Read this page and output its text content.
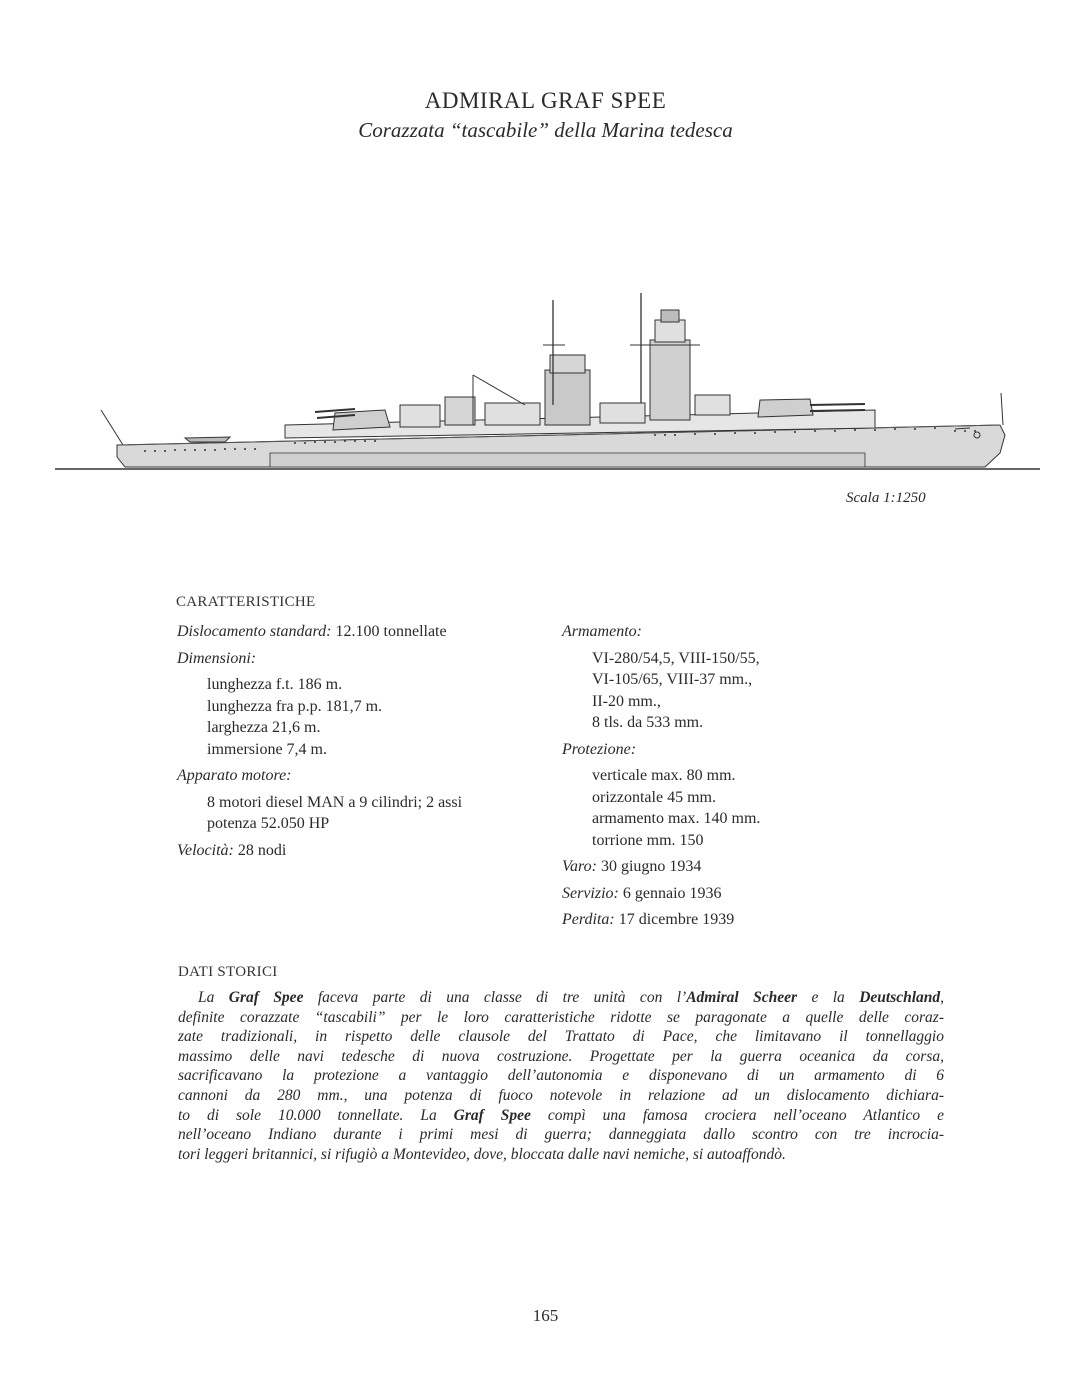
ADMIRAL GRAF SPEE
Corazzata “tascabile” della Marina tedesca
Scala 1:1250
CARATTERISTICHE
Dislocamento standard: 12.100 tonnellate
Dimensioni:
lunghezza f.t. 186 m.
lunghezza fra p.p. 181,7 m.
larghezza 21,6 m.
immersione 7,4 m.
Apparato motore:
8 motori diesel MAN a 9 cilindri; 2 assi
potenza 52.050 HP
Velocità: 28 nodi
Armamento:
VI-280/54,5, VIII-150/55,
VI-105/65, VIII-37 mm.,
II-20 mm.,
8 tls. da 533 mm.
Protezione:
verticale max. 80 mm.
orizzontale 45 mm.
armamento max. 140 mm.
torrione mm. 150
Varo: 30 giugno 1934
Servizio: 6 gennaio 1936
Perdita: 17 dicembre 1939
DATI STORICI
La Graf Spee faceva parte di una classe di tre unità con l’Admiral Scheer e la Deutschland,
definite corazzate “tascabili” per le loro caratteristiche ridotte se paragonate a quelle delle coraz-
zate tradizionali, in rispetto delle clausole del Trattato di Pace, che limitavano il tonnellaggio
massimo delle navi tedesche di nuova costruzione. Progettate per la guerra oceanica da corsa,
sacrificavano la protezione a vantaggio dell’autonomia e disponevano di un armamento di 6
cannoni da 280 mm., una potenza di fuoco notevole in relazione ad un dislocamento dichiara-
to di sole 10.000 tonnellate. La Graf Spee compì una famosa crociera nell’oceano Atlantico e
nell’oceano Indiano durante i primi mesi di guerra; danneggiata dallo scontro con tre incrocia-
tori leggeri britannici, si rifugiò a Montevideo, dove, bloccata dalle navi nemiche, si autoaffondò.
165
